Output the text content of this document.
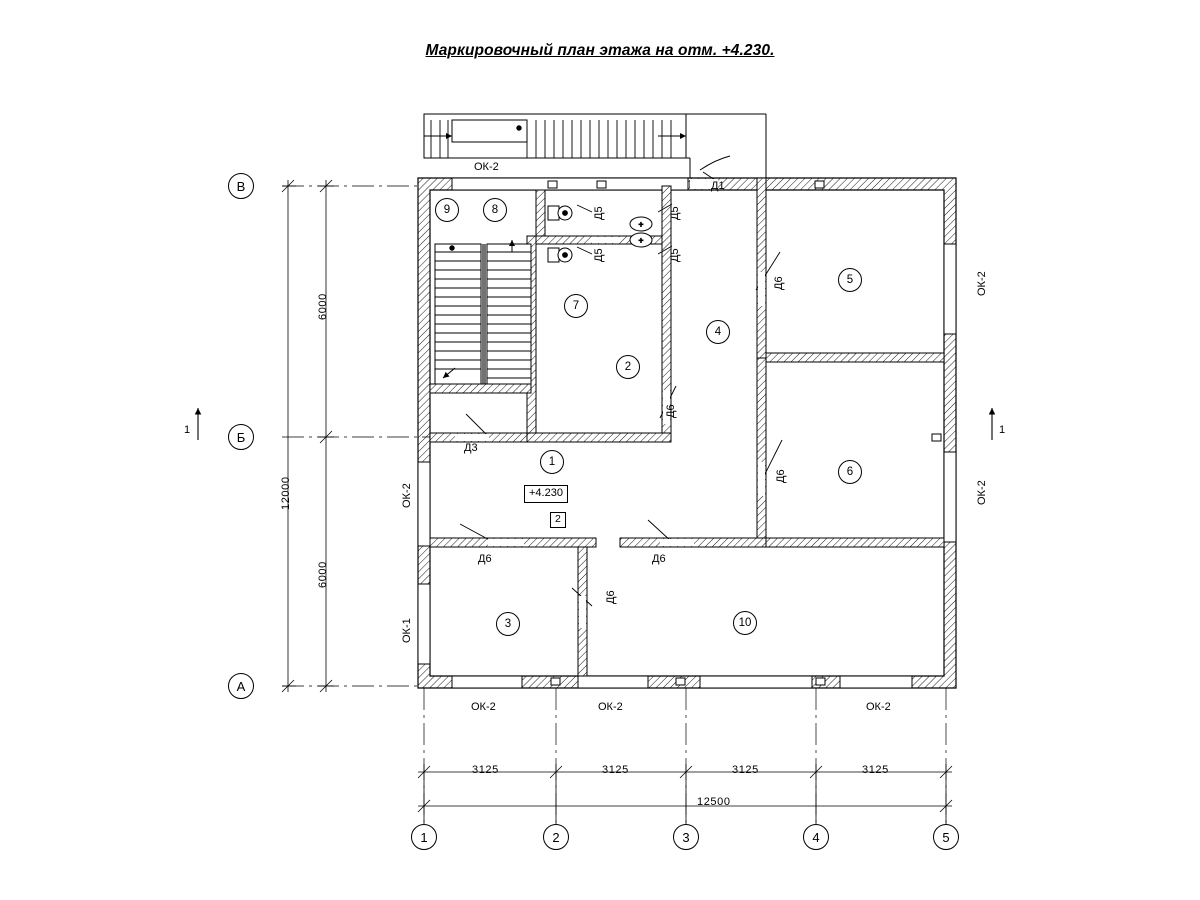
Маркировочный план этажа на отм. +4.230.
+
+
В
Б
А
1	2	3	4	5
1	1
6000
6000
12000
3125	3125	3125	3125
12500
ОК-2
ОК-2
ОК-2
ОК-2
ОК-1
ОК-2	ОК-2	ОК-2
Д1
Д3
Д5	Д5
Д5	Д5
Д6
Д6
Д6
Д6	Д6
Д6
1
2
3
4
5
6
7
8
9
10
+4.230
2
